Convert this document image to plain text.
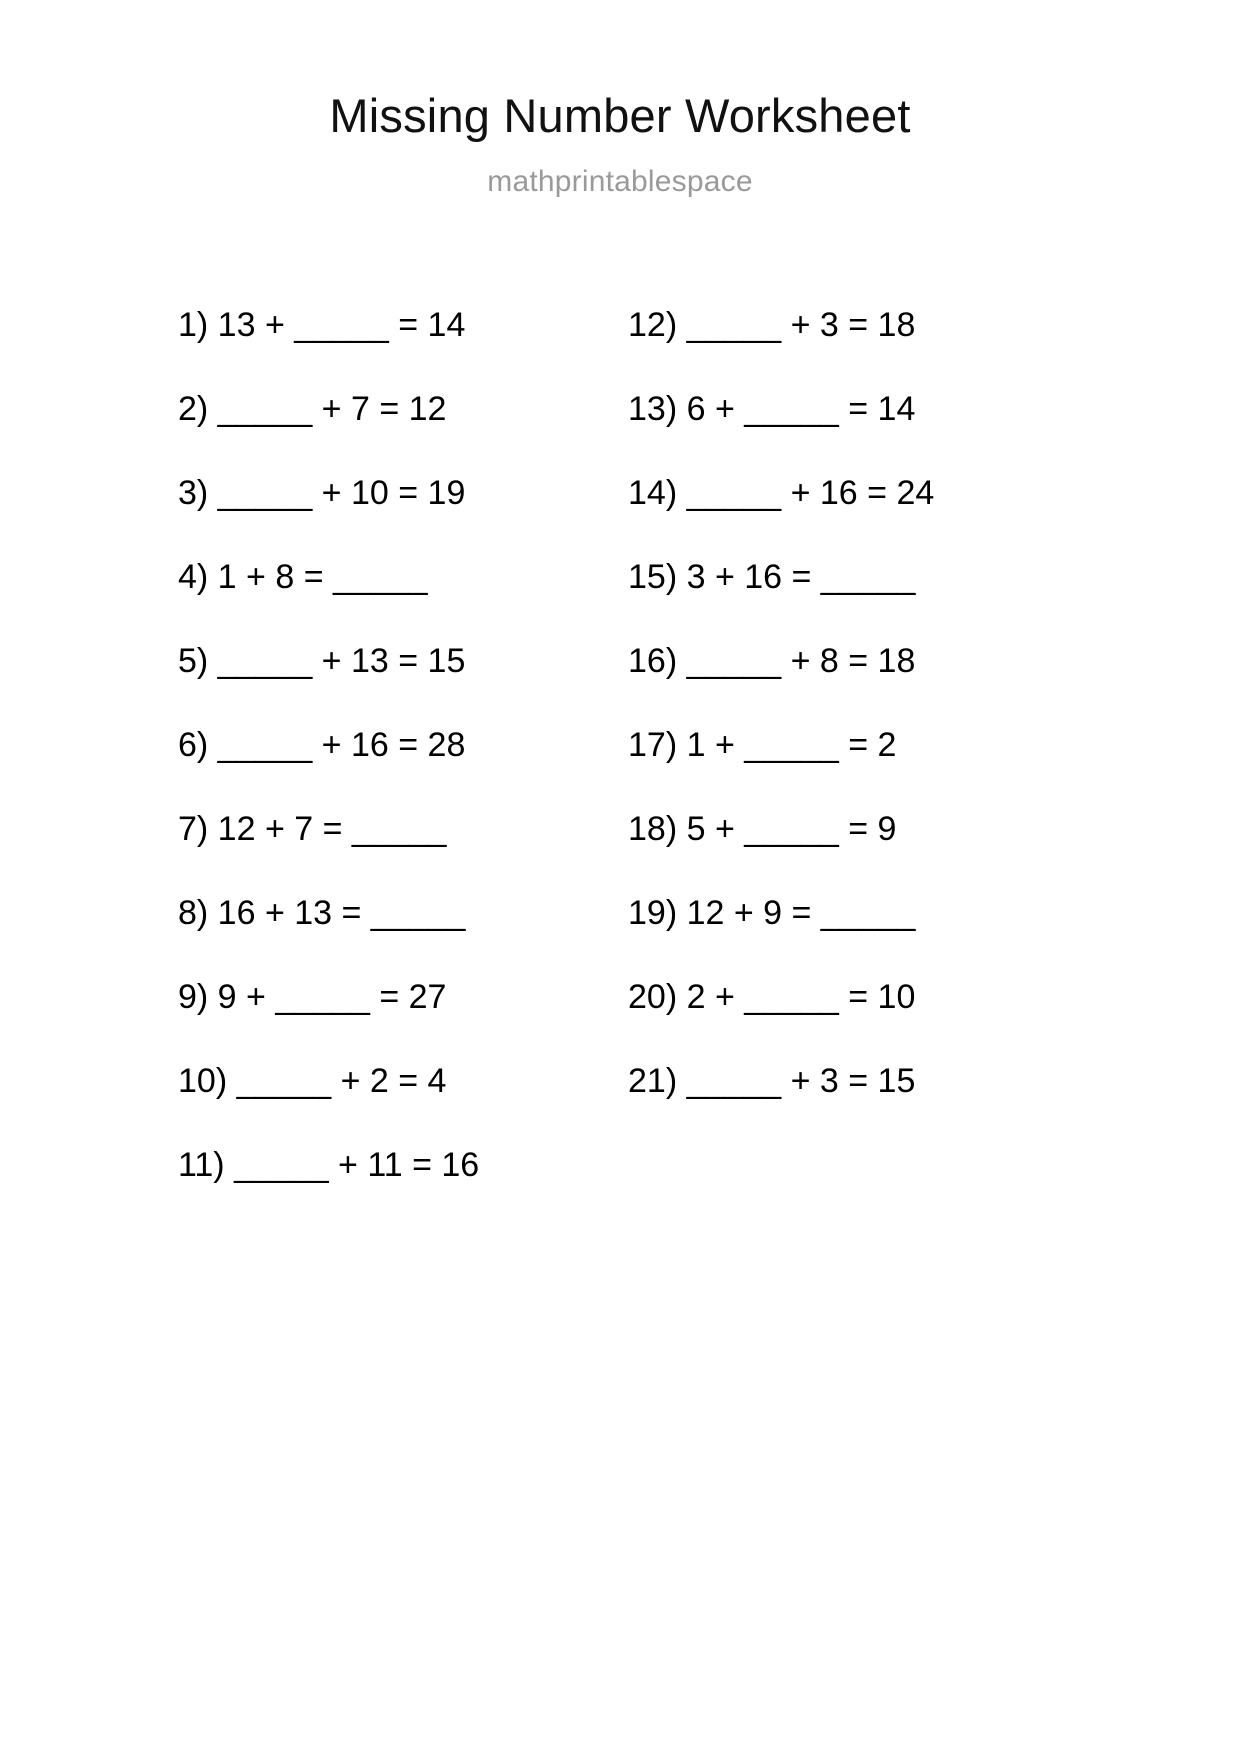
Missing Number Worksheet
mathprintablespace
1) 13 + _____ = 14
2) _____ + 7 = 12
3) _____ + 10 = 19
4) 1 + 8 = _____
5) _____ + 13 = 15
6) _____ + 16 = 28
7) 12 + 7 = _____
8) 16 + 13 = _____
9) 9 + _____ = 27
10) _____ + 2 = 4
11) _____ + 11 = 16
12) _____ + 3 = 18
13) 6 + _____ = 14
14) _____ + 16 = 24
15) 3 + 16 = _____
16) _____ + 8 = 18
17) 1 + _____ = 2
18) 5 + _____ = 9
19) 12 + 9 = _____
20) 2 + _____ = 10
21) _____ + 3 = 15
